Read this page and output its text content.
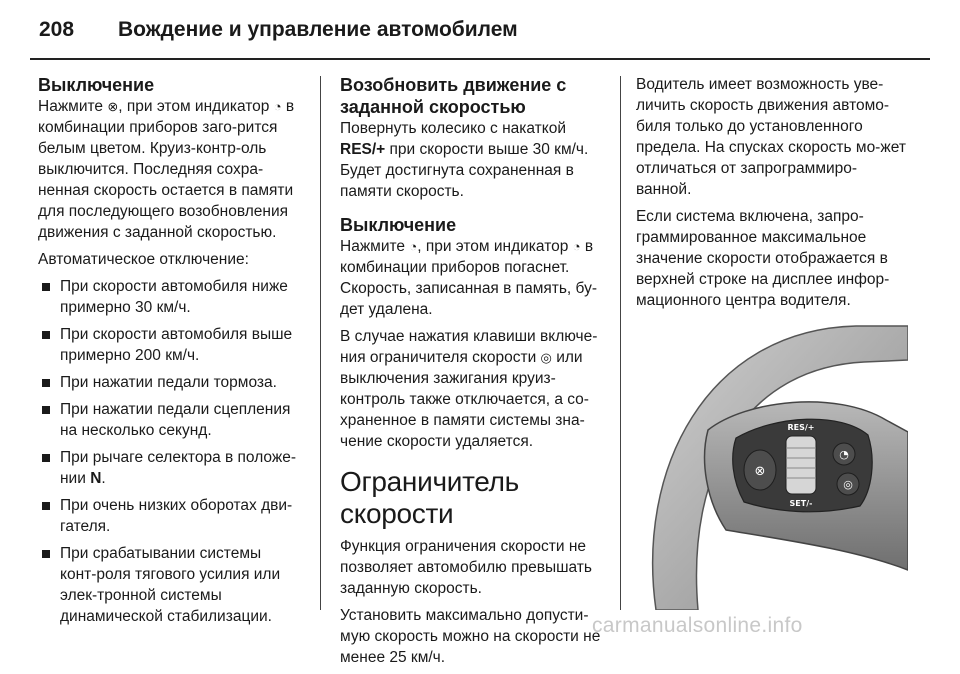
208 Вождение и управление автомобилем
Выключение

Нажмите ⊗, при этом индикатор ◔ в комбинации приборов заго-рится белым цветом. Круиз-контр-оль выключится. Последняя сохра-ненная скорость остается в памяти для последующего возобновления движения с заданной скоростью.

Автоматическое отключение:

При скорости автомобиля ниже примерно 30 км/ч.
При скорости автомобиля выше примерно 200 км/ч.
При нажатии педали тормоза.
При нажатии педали сцепления на несколько секунд.
При рычаге селектора в положе-нии N.
При очень низких оборотах дви-гателя.
При срабатывании системы конт-роля тягового усилия или элек-тронной системы динамической стабилизации.
Возобновить движение с заданной скоростью

Повернуть колесико с накаткой RES/+ при скорости выше 30 км/ч. Будет достигнута сохраненная в памяти скорость.

Выключение

Нажмите ◔, при этом индикатор ◔ в комбинации приборов погаснет. Скорость, записанная в память, бу-дет удалена.

В случае нажатия клавиши включе-ния ограничителя скорости ◎ или выключения зажигания круиз-контроль также отключается, а со-храненное в памяти системы зна-чение скорости удаляется.

Ограничитель скорости

Функция ограничения скорости не позволяет автомобилю превышать заданную скорость.

Установить максимально допусти-мую скорость можно на скорости не менее 25 км/ч.

Водитель имеет возможность уве-личить скорость движения автомо-биля только до установленного предела. На спусках скорость мо-жет отличаться от запрограммиро-ванной.

Если система включена, запро-граммированное максимальное значение скорости отображается в верхней строке на дисплее инфор-мационного центра водителя.

⊗
RES/+
SET/-
◔
◎
carmanualsonline.info
